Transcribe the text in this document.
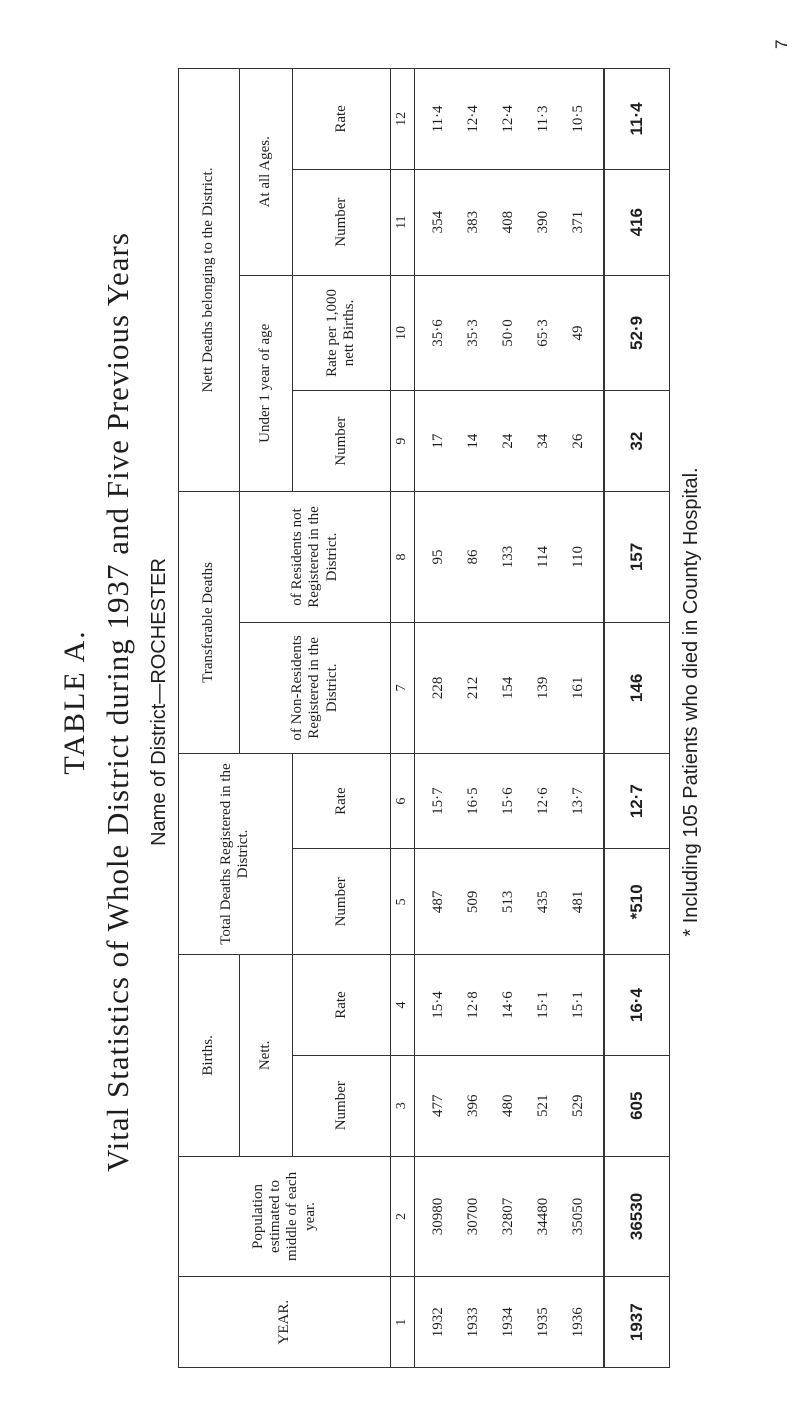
TABLE A. Vital Statistics of Whole District during 1937 and Five Previous Years Name of District—ROCHESTER
YEAR.	Population estimated to middle of each year.	Births.		Total Deaths Registered in the District.		Transferable Deaths		Nett Deaths belonging to the District.			
		Nett.				of Non-Residents Registered in the District.	of Residents not Registered in the District.	Under 1 year of age		At all Ages.	
		Number	Rate	Number	Rate			Number	Rate per 1,000 nett Births.	Number	Rate
1	2	3	4	5	6	7	8	9	10	11	12
1932	30980	477	15·4	487	15·7	228	95	17	35·6	354	11·4
1933	30700	396	12·8	509	16·5	212	86	14	35·3	383	12·4
1934	32807	480	14·6	513	15·6	154	133	24	50·0	408	12·4
1935	34480	521	15·1	435	12·6	139	114	34	65·3	390	11·3
1936	35050	529	15·1	481	13·7	161	110	26	49	371	10·5
1937	36530	605	16·4	*510	12·7	146	157	32	52·9	416	11·4
* Including 105 Patients who died in County Hospital.
7
